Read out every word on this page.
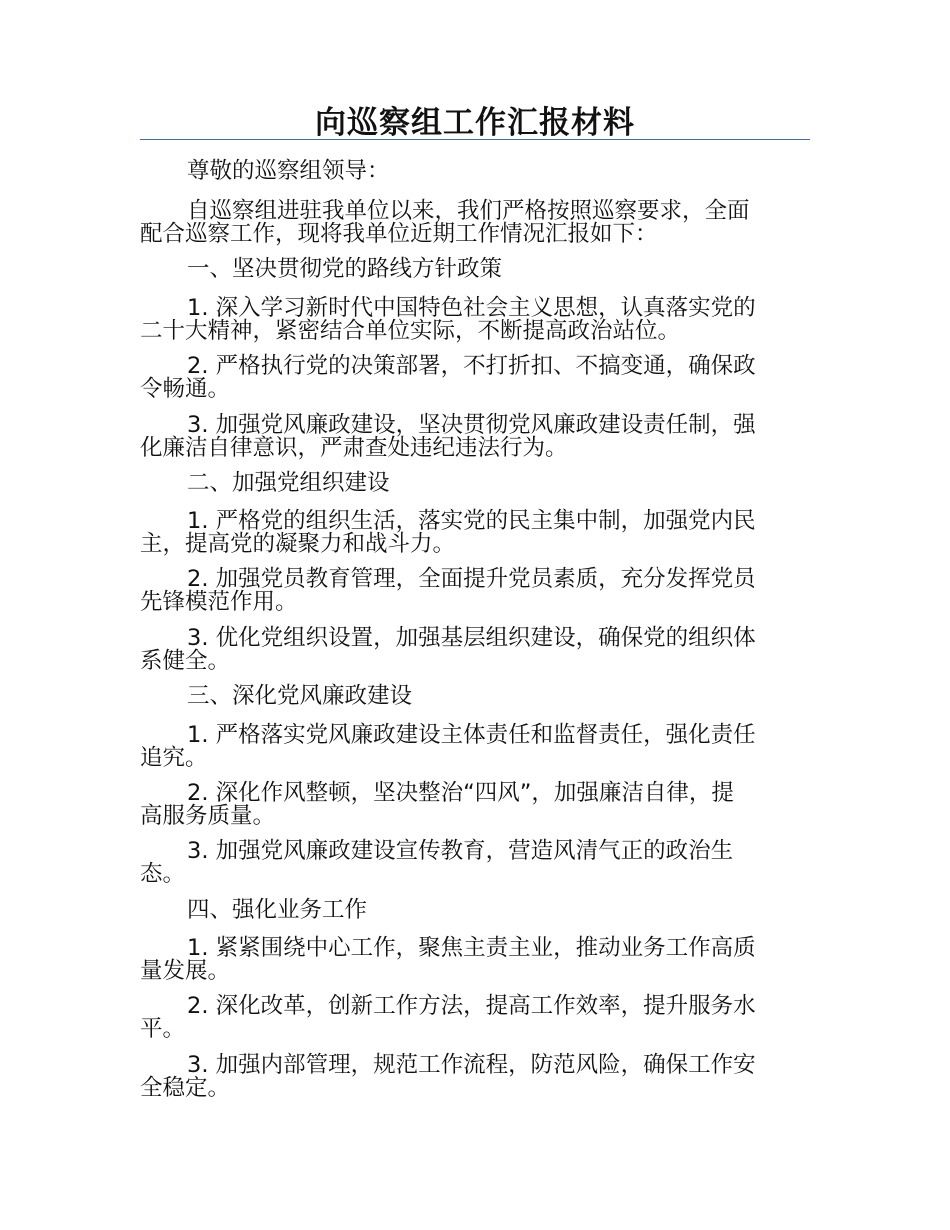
向巡察组工作汇报材料
尊敬的巡察组领导：
自巡察组进驻我单位以来，我们严格按照巡察要求，全面
配合巡察工作，现将我单位近期工作情况汇报如下：
一、坚决贯彻党的路线方针政策
1. 深入学习新时代中国特色社会主义思想，认真落实党的
二十大精神，紧密结合单位实际，不断提高政治站位。
2. 严格执行党的决策部署，不打折扣、不搞变通，确保政
令畅通。
3. 加强党风廉政建设，坚决贯彻党风廉政建设责任制，强
化廉洁自律意识，严肃查处违纪违法行为。
二、加强党组织建设
1. 严格党的组织生活，落实党的民主集中制，加强党内民
主，提高党的凝聚力和战斗力。
2. 加强党员教育管理，全面提升党员素质，充分发挥党员
先锋模范作用。
3. 优化党组织设置，加强基层组织建设，确保党的组织体
系健全。
三、深化党风廉政建设
1. 严格落实党风廉政建设主体责任和监督责任，强化责任
追究。
2. 深化作风整顿，坚决整治“四风”，加强廉洁自律，提
高服务质量。
3. 加强党风廉政建设宣传教育，营造风清气正的政治生
态。
四、强化业务工作
1. 紧紧围绕中心工作，聚焦主责主业，推动业务工作高质
量发展。
2. 深化改革，创新工作方法，提高工作效率，提升服务水
平。
3. 加强内部管理，规范工作流程，防范风险，确保工作安
全稳定。
